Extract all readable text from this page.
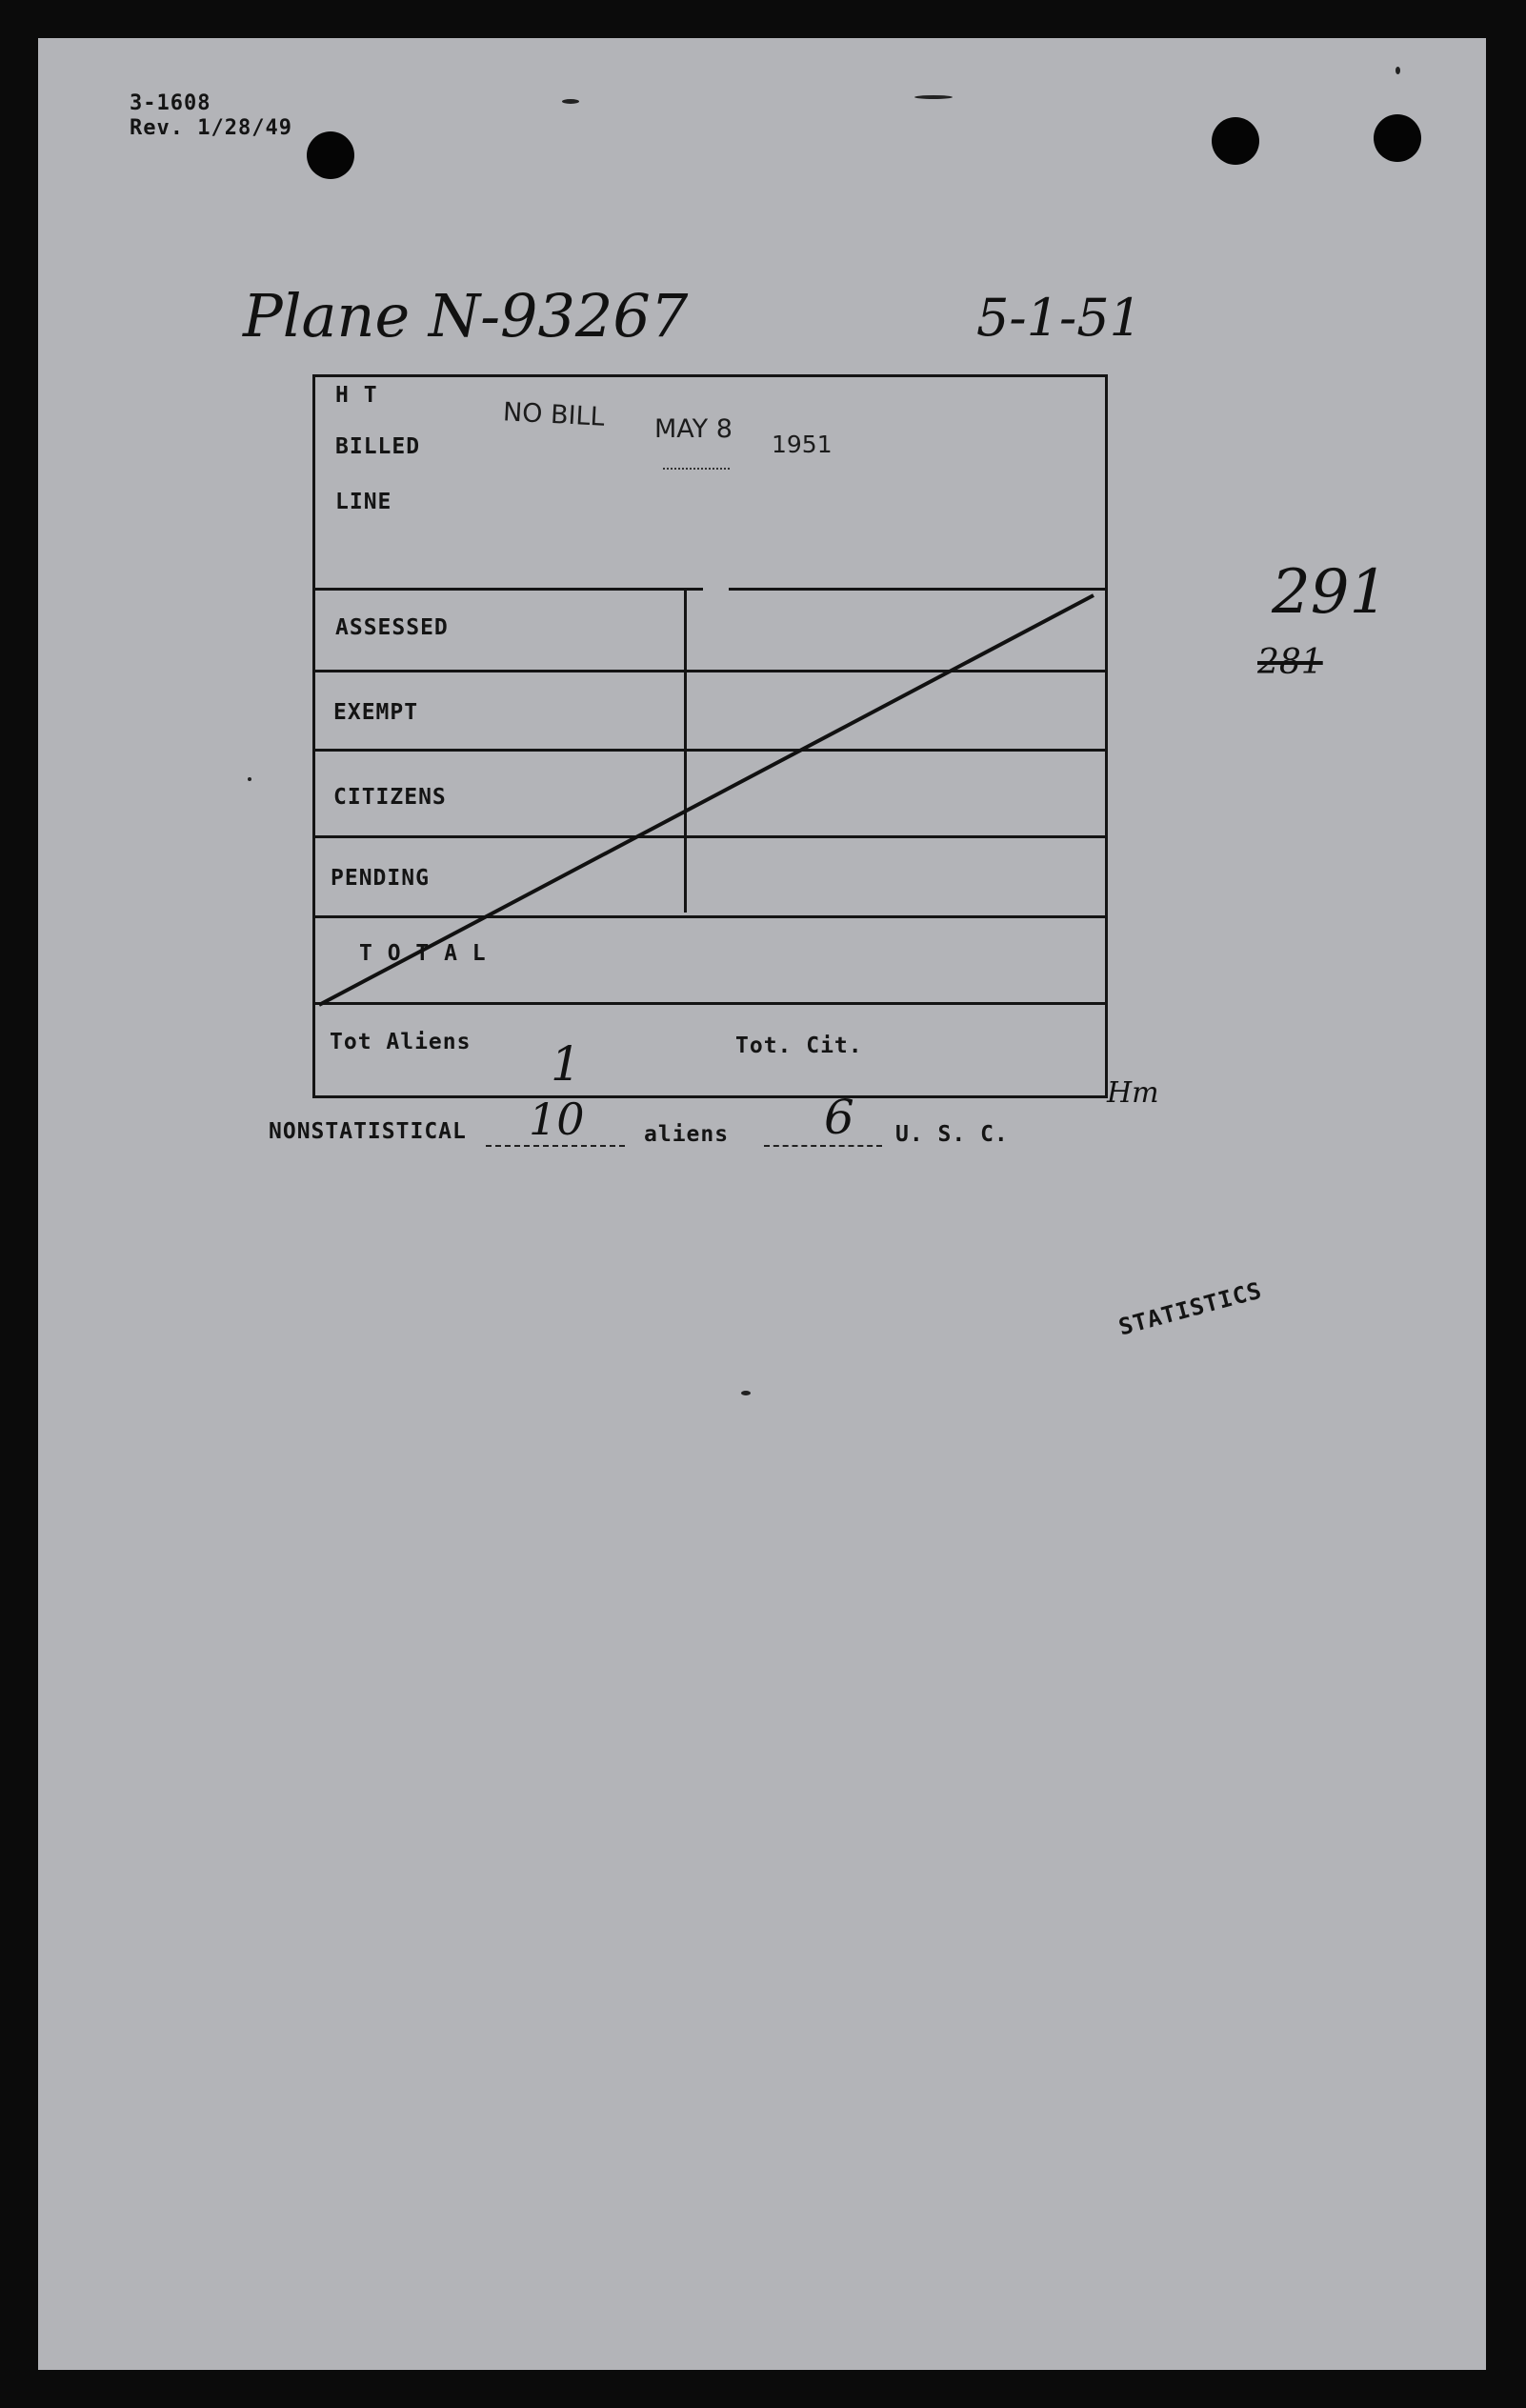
3-1608
Rev. 1/28/49
Plane N-93267	5-1-51
H T
BILLED
LINE
NO BILL MAY 8
1951
ASSESSED
EXEMPT
CITIZENS
PENDING
T O T A L
Tot Aliens 1	Tot. Cit.
Hm
NONSTATISTICAL 10	aliens 6 U. S. C.
291
281
STATISTICS
